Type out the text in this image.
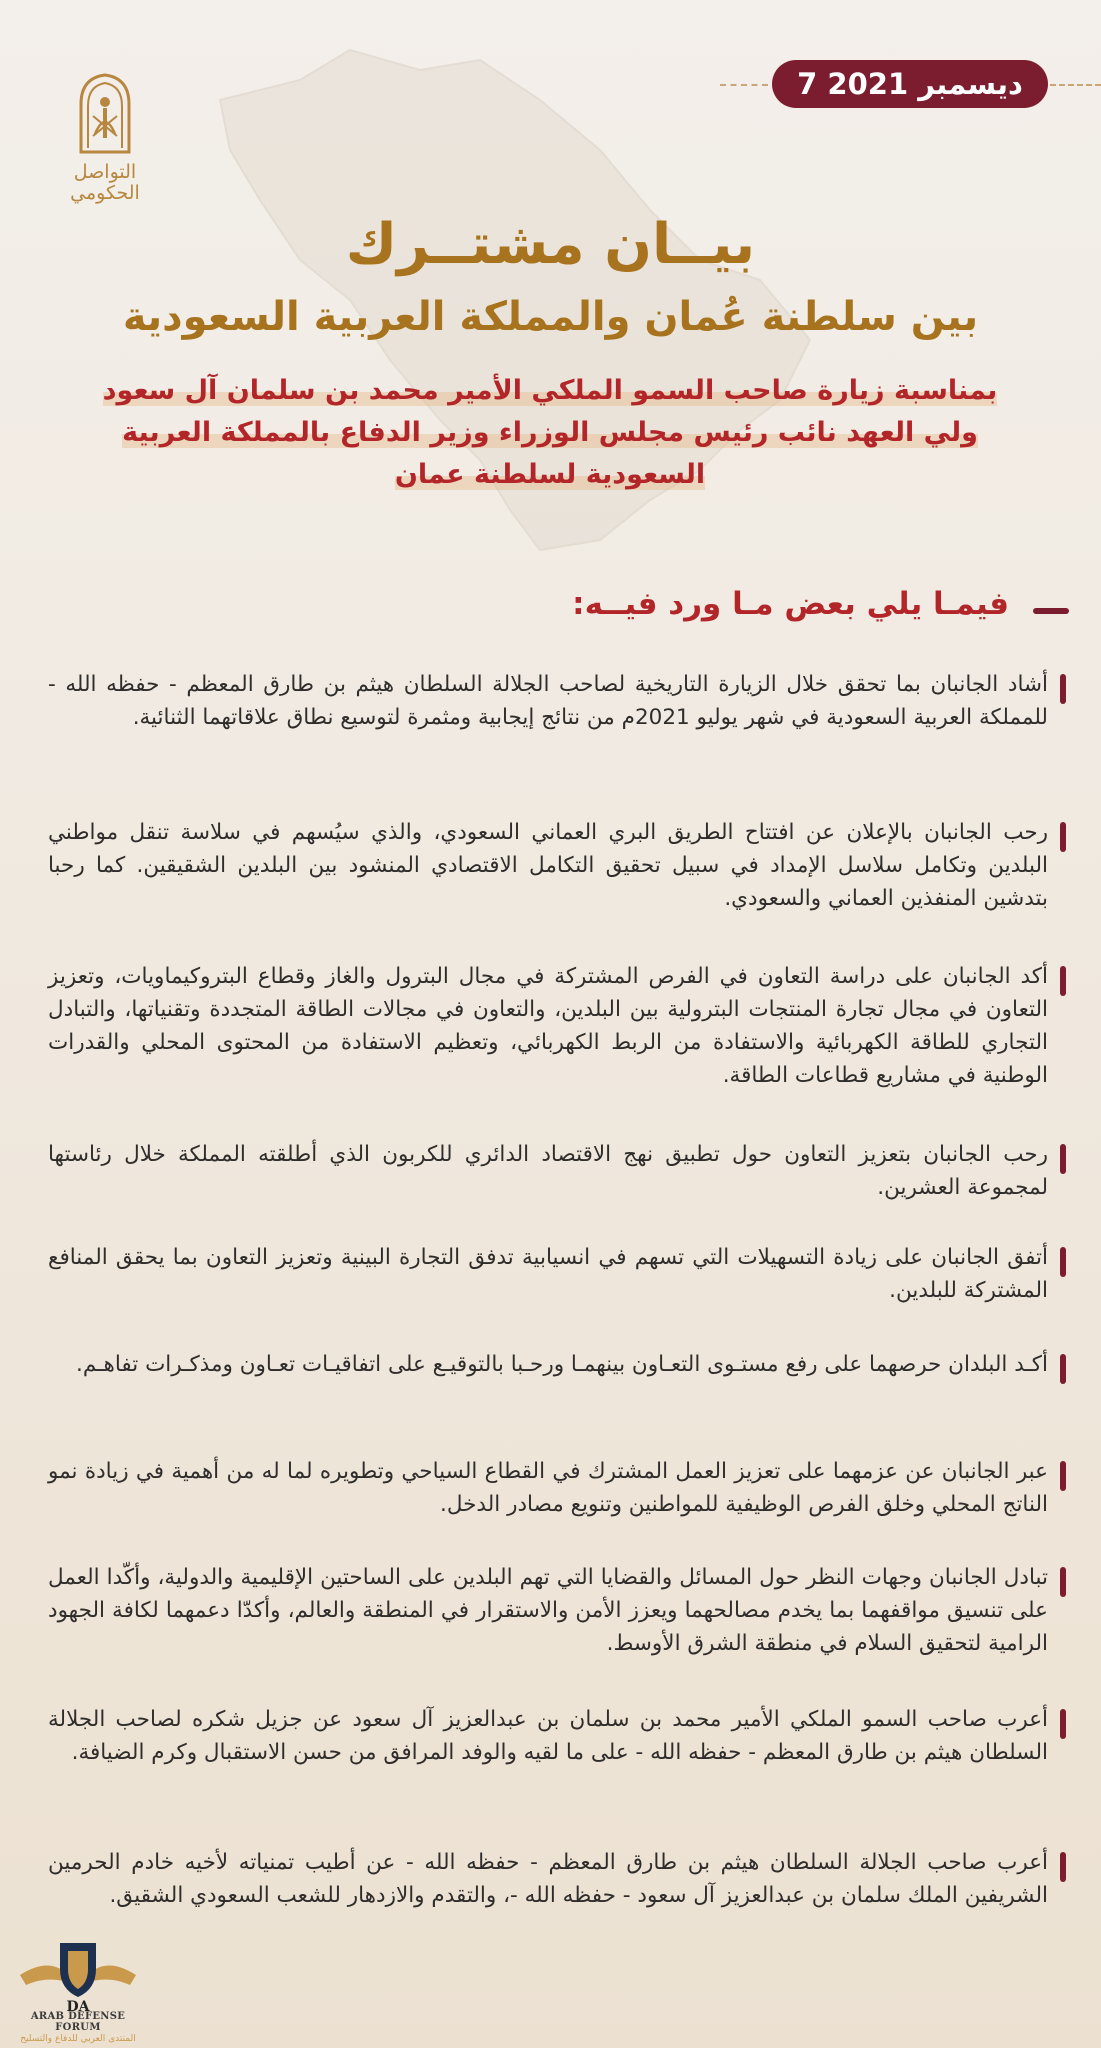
7 ديسمبر 2021
التواصل
الحكومي
بيــان مشتــرك
بين سلطنة عُمان والمملكة العربية السعودية
بمناسبة زيارة صاحب السمو الملكي الأمير محمد بن سلمان آل سعود
ولي العهد نائب رئيس مجلس الوزراء وزير الدفاع بالمملكة العربية
السعودية لسلطنة عمان
فيمـا يلي بعض مـا ورد فيــه:
أشاد الجانبان بما تحقق خلال الزيارة التاريخية لصاحب الجلالة السلطان هيثم بن طارق المعظم - حفظه الله - للمملكة العربية السعودية في شهر يوليو 2021م من نتائج إيجابية ومثمرة لتوسيع نطاق علاقاتهما الثنائية.
رحب الجانبان بالإعلان عن افتتاح الطريق البري العماني السعودي، والذي سيُسهم في سلاسة تنقل مواطني البلدين وتكامل سلاسل الإمداد في سبيل تحقيق التكامل الاقتصادي المنشود بين البلدين الشقيقين. كما رحبا بتدشين المنفذين العماني والسعودي.
أكد الجانبان على دراسة التعاون في الفرص المشتركة في مجال البترول والغاز وقطاع البتروكيماويات، وتعزيز التعاون في مجال تجارة المنتجات البترولية بين البلدين، والتعاون في مجالات الطاقة المتجددة وتقنياتها، والتبادل التجاري للطاقة الكهربائية والاستفادة من الربط الكهربائي، وتعظيم الاستفادة من المحتوى المحلي والقدرات الوطنية في مشاريع قطاعات الطاقة.
رحب الجانبان بتعزيز التعاون حول تطبيق نهج الاقتصاد الدائري للكربون الذي أطلقته المملكة خلال رئاستها لمجموعة العشرين.
أتفق الجانبان على زيادة التسهيلات التي تسهم في انسيابية تدفق التجارة البينية وتعزيز التعاون بما يحقق المنافع المشتركة للبلدين.
أكـد البلدان حرصهما على رفع مستـوى التعـاون بينهمـا ورحـبا بالتوقيـع على اتفاقيـات تعـاون ومذكـرات تفاهـم.
عبر الجانبان عن عزمهما على تعزيز العمل المشترك في القطاع السياحي وتطويره لما له من أهمية في زيادة نمو الناتج المحلي وخلق الفرص الوظيفية للمواطنين وتنويع مصادر الدخل.
تبادل الجانبان وجهات النظر حول المسائل والقضايا التي تهم البلدين على الساحتين الإقليمية والدولية، وأكّدا العمل على تنسيق مواقفهما بما يخدم مصالحهما ويعزز الأمن والاستقرار في المنطقة والعالم، وأكدّا دعمهما لكافة الجهود الرامية لتحقيق السلام في منطقة الشرق الأوسط.
أعرب صاحب السمو الملكي الأمير محمد بن سلمان بن عبدالعزيز آل سعود عن جزيل شكره لصاحب الجلالة السلطان هيثم بن طارق المعظم - حفظه الله - على ما لقيه والوفد المرافق من حسن الاستقبال وكرم الضيافة.
أعرب صاحب الجلالة السلطان هيثم بن طارق المعظم - حفظه الله - عن أطيب تمنياته لأخيه خادم الحرمين الشريفين الملك سلمان بن عبدالعزيز آل سعود - حفظه الله -، والتقدم والازدهار للشعب السعودي الشقيق.
DA
ARAB DEFENSE FORUM
المنتدى العربي للدفاع والتسليح
